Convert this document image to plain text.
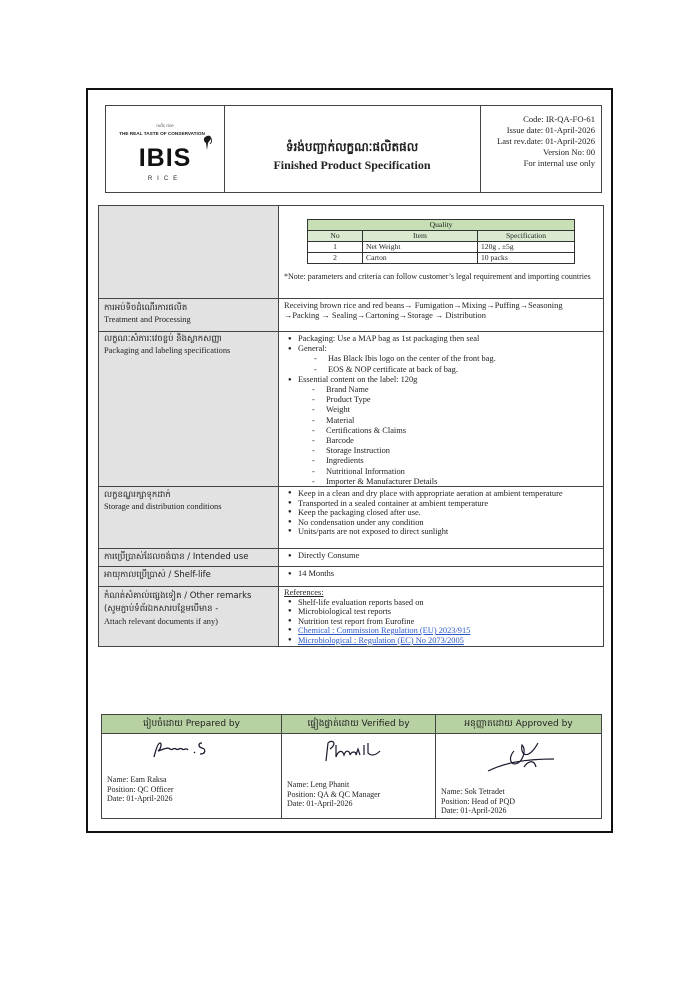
ruốc rice
THE REAL TASTE OF CONSERVATION
IBIS
RICE
ទំរង់បញ្ជាក់លក្ខណៈផលិតផល
Finished Product Specification
Code: IR-QA-FO-61
Issue date: 01-April-2026
Last rev.date: 01-April-2026
Version No: 00
For internal use only
Quality		
No	Item	Specification
1	Net Weight	120g , ±5g
2	Carton	10 packs
*Note: parameters and criteria can follow customer’s legal requirement and importing countries
ការអប់ទិចដំណើរការផលិត
Treatment and Processing
Receiving brown rice and red beans→ Fumigation→Mixing→Puffing→Seasoning →Packing → Sealing→Cartoning→Storage → Distribution
លក្ខណៈសំភារៈវេចខ្ចប់ និងស្លាកសញ្ញា
Packaging and labeling specifications
● Packaging: Use a MAP bag as 1st packaging then seal
● General:
- Has Black Ibis logo on the center of the front bag.
- EOS & NOP certificate at back of bag.
● Essential content on the label: 120g
- Brand Name
- Product Type
- Weight
- Material
- Certifications & Claims
- Barcode
- Storage Instruction
- Ingredients
- Nutritional Information
- Importer & Manufacturer Details
លក្ខខណ្ឌរក្សាទុកដាក់
Storage and distribution conditions
● Keep in a clean and dry place with appropriate aeration at ambient temperature
● Transported in a sealed container at ambient temperature
● Keep the packaging closed after use.
● No condensation under any condition
● Units/parts are not exposed to direct sunlight
ការប្រើប្រាស់ដែលចង់បាន / Intended use	● Directly Consume
អាយុកាលប្រើប្រាស់ / Shelf-life	● 14 Months
កំណត់សំគាល់ផ្សេងទៀត / Other remarks
(សូមភ្ជាប់ទំព័រឯកសារបន្ថែមបើមាន -
Attach relevant documents if any)
References:
● Shelf-life evaluation reports based on
● Microbiological test reports
● Nutrition test report from Eurofine
● Chemical : Commission Regulation (EU) 2023/915
● Microbiological : Regulation (EC) No 2073/2005
រៀបចំដោយ Prepared by
Name: Eam Raksa
Position: QC Officer
Date: 01-April-2026
ផ្ទៀងផ្ទាត់ដោយ Verified by
Name: Leng Phanit
Position: QA & QC Manager
Date: 01-April-2026
អនុញ្ញាតដោយ Approved by
Name: Sok Tetradet
Position: Head of PQD
Date: 01-April-2026
